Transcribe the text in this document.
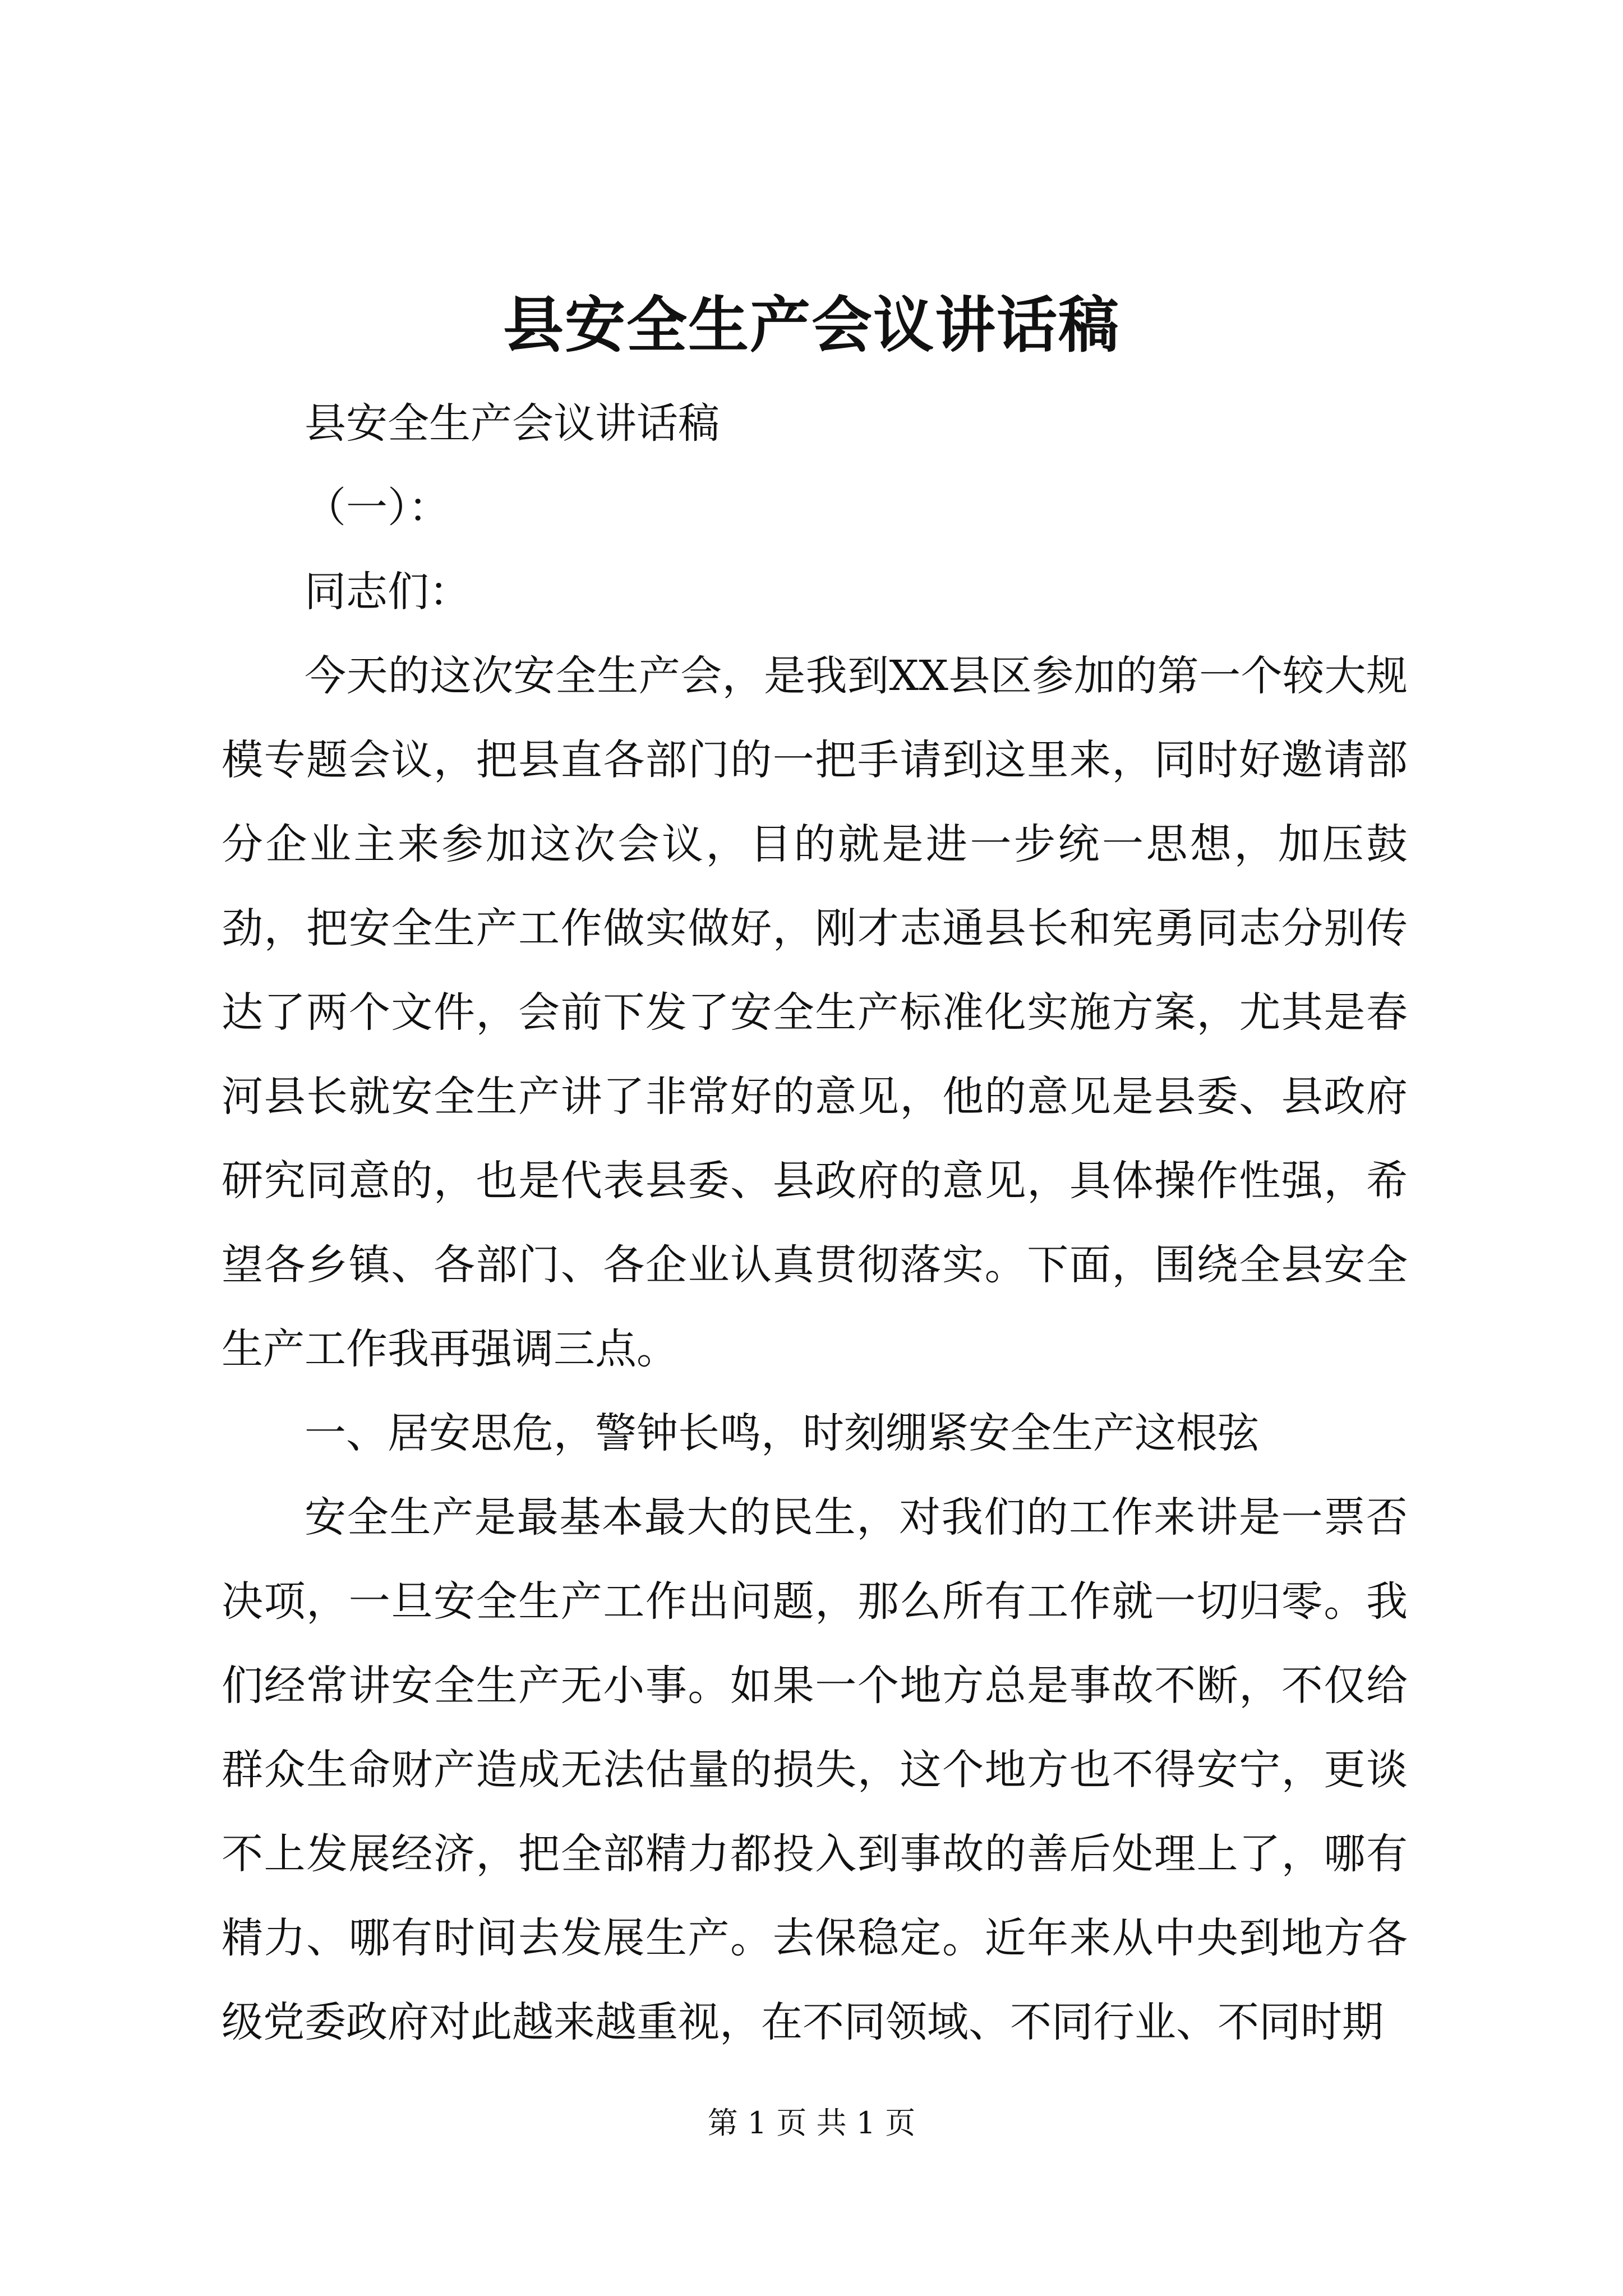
县安全生产会议讲话稿

县安全生产会议讲话稿

（一）：

同志们：

今天的这次安全生产会，是我到XX县区参加的第一个较大规模专题会议，把县直各部门的一把手请到这里来，同时好邀请部分企业主来参加这次会议，目的就是进一步统一思想，加压鼓劲，把安全生产工作做实做好，刚才志通县长和宪勇同志分别传达了两个文件，会前下发了安全生产标准化实施方案，尤其是春河县长就安全生产讲了非常好的意见，他的意见是县委、县政府研究同意的，也是代表县委、县政府的意见，具体操作性强，希望各乡镇、各部门、各企业认真贯彻落实。下面，围绕全县安全生产工作我再强调三点。

一、居安思危，警钟长鸣，时刻绷紧安全生产这根弦

安全生产是最基本最大的民生，对我们的工作来讲是一票否决项，一旦安全生产工作出问题，那么所有工作就一切归零。我们经常讲安全生产无小事。如果一个地方总是事故不断，不仅给群众生命财产造成无法估量的损失，这个地方也不得安宁，更谈不上发展经济，把全部精力都投入到事故的善后处理上了，哪有精力、哪有时间去发展生产。去保稳定。近年来从中央到地方各级党委政府对此越来越重视，在不同领域、不同行业、不同时期

第 1 页 共 1 页
